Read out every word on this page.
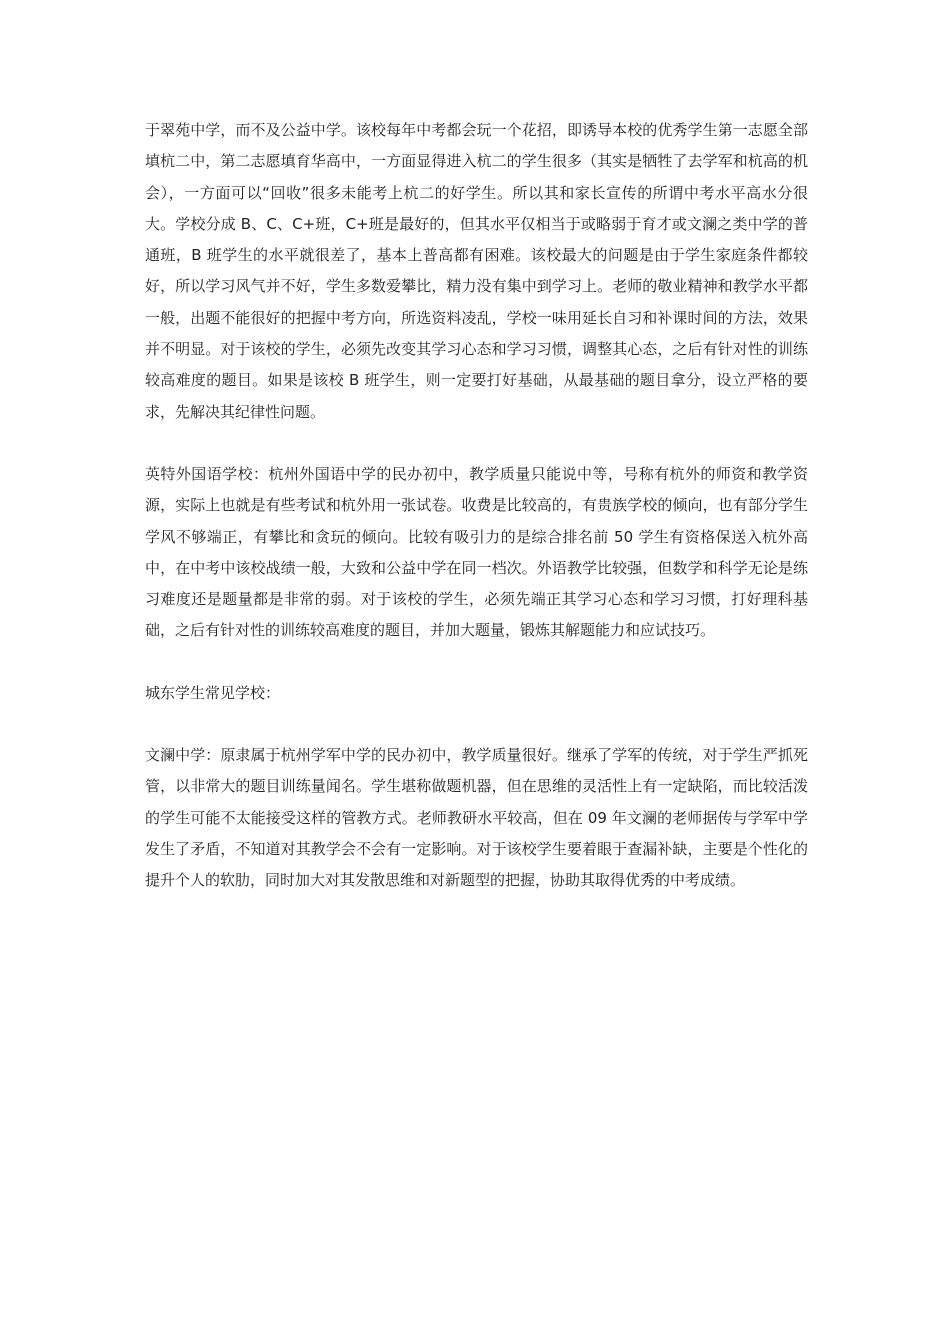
于翠苑中学，而不及公益中学。该校每年中考都会玩一个花招，即诱导本校的优秀学生第一志愿全部填杭二中，第二志愿填育华高中，一方面显得进入杭二的学生很多（其实是牺牲了去学军和杭高的机会），一方面可以“回收”很多未能考上杭二的好学生。所以其和家长宣传的所谓中考水平高水分很大。学校分成 B、C、C+班，C+班是最好的，但其水平仅相当于或略弱于育才或文澜之类中学的普通班，B 班学生的水平就很差了，基本上普高都有困难。该校最大的问题是由于学生家庭条件都较好，所以学习风气并不好，学生多数爱攀比，精力没有集中到学习上。老师的敬业精神和教学水平都一般，出题不能很好的把握中考方向，所选资料凌乱，学校一味用延长自习和补课时间的方法，效果并不明显。对于该校的学生，必须先改变其学习心态和学习习惯，调整其心态，之后有针对性的训练较高难度的题目。如果是该校 B 班学生，则一定要打好基础，从最基础的题目拿分，设立严格的要求，先解决其纪律性问题。

英特外国语学校：杭州外国语中学的民办初中，教学质量只能说中等，号称有杭外的师资和教学资源，实际上也就是有些考试和杭外用一张试卷。收费是比较高的，有贵族学校的倾向，也有部分学生学风不够端正，有攀比和贪玩的倾向。比较有吸引力的是综合排名前 50 学生有资格保送入杭外高中，在中考中该校战绩一般，大致和公益中学在同一档次。外语教学比较强，但数学和科学无论是练习难度还是题量都是非常的弱。对于该校的学生，必须先端正其学习心态和学习习惯，打好理科基础，之后有针对性的训练较高难度的题目，并加大题量，锻炼其解题能力和应试技巧。

城东学生常见学校：

文澜中学：原隶属于杭州学军中学的民办初中，教学质量很好。继承了学军的传统，对于学生严抓死管，以非常大的题目训练量闻名。学生堪称做题机器，但在思维的灵活性上有一定缺陷，而比较活泼的学生可能不太能接受这样的管教方式。老师教研水平较高，但在 09 年文澜的老师据传与学军中学发生了矛盾，不知道对其教学会不会有一定影响。对于该校学生要着眼于查漏补缺，主要是个性化的提升个人的软肋，同时加大对其发散思维和对新题型的把握，协助其取得优秀的中考成绩。
